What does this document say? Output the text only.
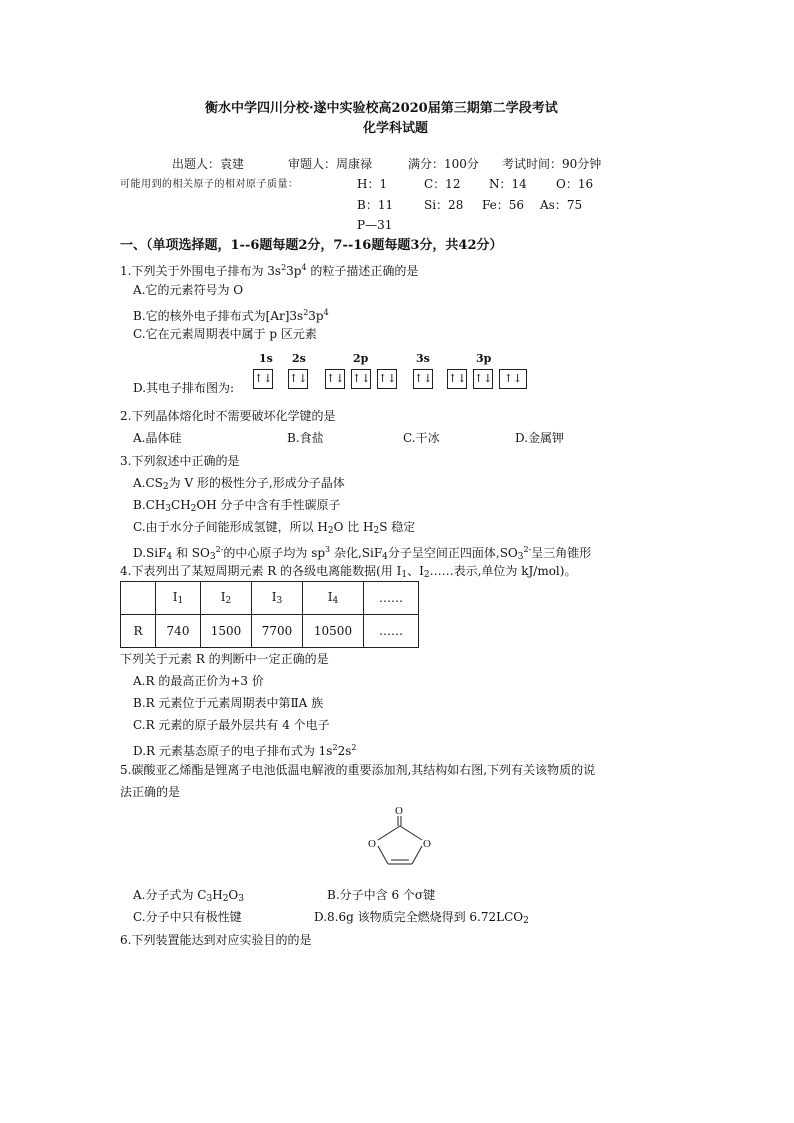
衡水中学四川分校·遂中实验校高2020届第三期第二学段考试
化学科试题
出题人：袁建	审题人：周康禄	满分：100分 考试时间：90分钟
可能用到的相关原子的相对原子质量：	H：1	C：12 N：14 O：16
B：11	Si：28 Fe：56 As：75
P—31
一、（单项选择题，1--6题每题2分，7--16题每题3分，共42分）
1.下列关于外围电子排布为 $3s^23p^4$ 的粒子描述正确的是
A.它的元素符号为 O
B.它的核外电子排布式为$[Ar]3s^23p^4$
C.它在元素周期表中属于 p 区元素
1s 2s	2p	3s	3p
↑↓ ↑↓ ↑↓ ↑↓ ↑↓ ↑↓ ↑↓ ↑↓	↑↓
D.其电子排布图为:
2.下列晶体熔化时不需要破坏化学键的是
A.晶体硅	B.食盐	C.干冰	D.金属钾
3.下列叙述中正确的是
$A.CS_2$为 V 形的极性分子,形成分子晶体
$B.CH_3CH_2OH$ 分子中含有手性碳原子
C.由于水分子间能形成氢键，所以 $H_2O$ 比 $H_2S$ 稳定
D.SiF$_4$ 和 $SO_3^{2-}$的中心原子均为 $sp^3$ 杂化,SiF$_4$分子呈空间正四面体$,SO_3^{2-}$呈三角锥形
4.下表列出了某短周期元素 R 的各级电离能数据(用 $I_1$、$I_2\dots\dots$表示,单位为 kJ/mol)。
	$I_1$	$I_2$	$I_3$	$I_4$	……
R	740	1500	7700	10500	……
下列关于元素 R 的判断中一定正确的是
A.R 的最高正价为+3 价
B.R 元素位于元素周期表中第ⅡA 族
C.R 元素的原子最外层共有 4 个电子
D.R 元素基态原子的电子排布式为 $1s^22s^2$
5.碳酸亚乙烯酯是锂离子电池低温电解液的重要添加剂,其结构如右图,下列有关该物质的说
法正确的是
O
O	O
A.分子式为 $C_3H_2O_3$	B.分子中含 6 个σ键
C.分子中只有极性键	D.8.6g 该物质完全燃烧得到 $6.72LCO_2$
6.下列装置能达到对应实验目的的是
